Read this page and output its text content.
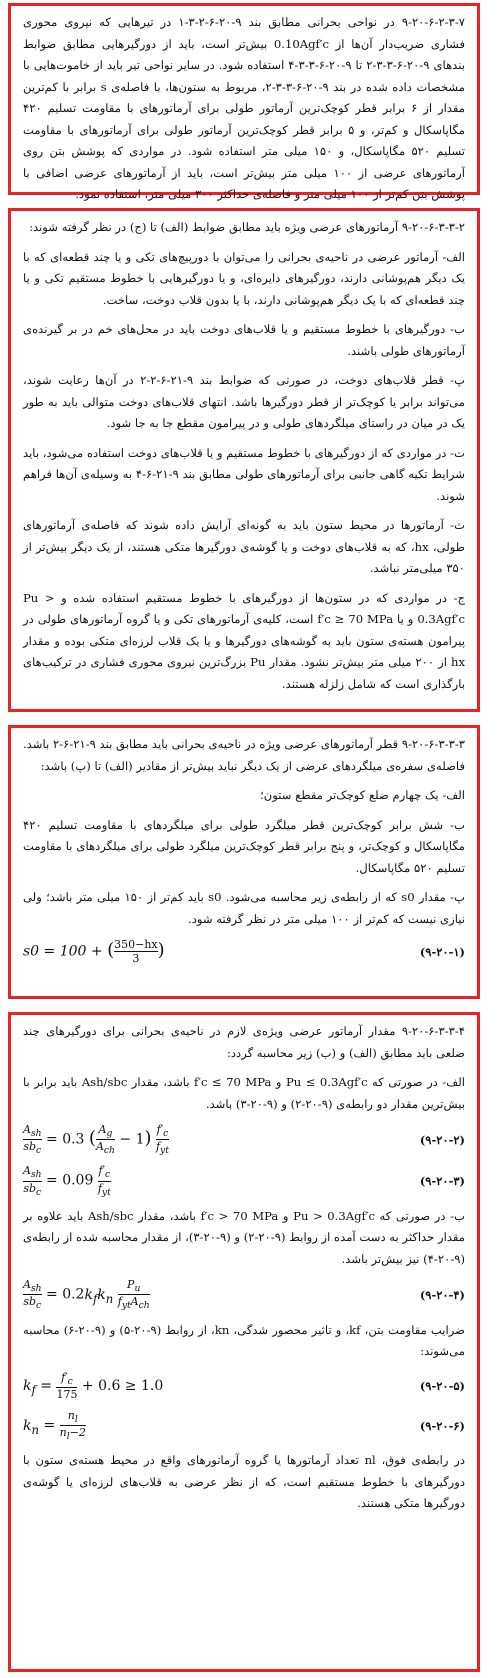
۹-۲۰-۶-۲-۳-۷ در نواحی بحرانی مطابق بند ۹-۲۰-۶-۲-۳-۱ در تیرهایی که نیروی محوری فشاری ضریب‌دار آن‌ها از 0.10Agf′c بیش‌تر است، باید از دورگیرهایی مطابق ضوابط بندهای ۹-۲۰-۶-۳-۳-۲ تا ۹-۲۰-۶-۳-۳-۴ استفاده شود. در سایر نواحی تیر باید از خاموت‌هایی با مشخصات داده شده در بند ۹-۲۰-۶-۳-۳-۲، مربوط به ستون‌ها، با فاصله‌ی s برابر با کم‌ترین مقدار از ۶ برابر قطر کوچک‌ترین آرماتور طولی برای آرماتورهای با مقاومت تسلیم ۴۲۰ مگاپاسکال و کم‌تر، و ۵ برابر قطر کوچک‌ترین آرماتور طولی برای آرماتورهای با مقاومت تسلیم ۵۲۰ مگاپاسکال، و ۱۵۰ میلی متر استفاده شود. در مواردی که پوشش بتن روی آرماتورهای عرضی از ۱۰۰ میلی متر بیش‌تر است، باید از آرماتورهای عرضی اضافی با پوشش بتن کم‌تر از ۱۰۰ میلی متر و فاصله‌ی حداکثر ۳۰۰ میلی متر، استفاده نمود.

۹-۲۰-۶-۳-۳-۲ آرماتورهای عرضی ویژه باید مطابق ضوابط (الف) تا (ج) در نظر گرفته شوند:

الف- آرماتور عرضی در ناحیه‌ی بحرانی را می‌توان با دورپیچ‌های تکی و یا چند قطعه‌ای که با یک دیگر هم‌پوشانی دارند، دورگیرهای دایره‌ای، و یا دورگیرهایی با خطوط مستقیم تکی و یا چند قطعه‌ای که با یک دیگر هم‌پوشانی دارند، با یا بدون قلاب دوخت، ساخت.

ب- دورگیرهای با خطوط مستقیم و یا قلاب‌های دوخت باید در محل‌های خم در بر گیرنده‌ی آرماتورهای طولی باشند.

پ- قطر قلاب‌های دوخت، در صورتی که ضوابط بند ۹-۲۱-۶-۲-۲ در آن‌ها رعایت شوند، می‌تواند برابر یا کوچک‌تر از قطر دورگیرها باشد. انتهای قلاب‌های دوخت متوالی باید به طور یک در میان در راستای میلگردهای طولی و در پیرامون مقطع جا به جا شود.

ت- در مواردی که از دورگیرهای با خطوط مستقیم و یا قلاب‌های دوخت استفاده می‌شود، باید شرایط تکیه گاهی جانبی برای آرماتورهای طولی مطابق بند ۹-۲۱-۶-۴ به وسیله‌ی آن‌ها فراهم شوند.

ث- آرماتورها در محیط ستون باید به گونه‌ای آرایش داده شوند که فاصله‌ی آرماتورهای طولی، hx، که به قلاب‌های دوخت و یا گوشه‌ی دورگیرها متکی هستند، از یک دیگر بیش‌تر از ۳۵۰ میلی‌متر نباشد.

ج- در مواردی که در ستون‌ها از دورگیرهای با خطوط مستقیم استفاده شده و Pu > 0.3Agf′c و یا f′c ≥ 70 MPa است، کلیه‌ی آرماتورهای تکی و یا گروه آرماتورهای طولی در پیرامون هسته‌ی ستون باید به گوشه‌های دورگیرها و یا یک قلاب لرزه‌ای متکی بوده و مقدار hx از ۲۰۰ میلی متر بیش‌تر نشود. مقدار Pu بزرگ‌ترین نیروی محوری فشاری در ترکیب‌های بارگذاری است که شامل زلزله هستند.

۹-۲۰-۶-۳-۳-۳ قطر آرماتورهای عرضی ویژه در ناحیه‌ی بحرانی باید مطابق بند ۹-۲۱-۶-۲ باشد. فاصله‌ی سفره‌ی میلگردهای عرضی از یک دیگر نباید بیش‌تر از مقادیر (الف) تا (پ) باشد:

الف- یک چهارم ضلع کوچک‌تر مقطع ستون؛

ب- شش برابر کوچک‌ترین قطر میلگرد طولی برای میلگردهای با مقاومت تسلیم ۴۲۰ مگاپاسکال و کوچک‌تر، و پنج برابر قطر کوچک‌ترین میلگرد طولی برای میلگردهای با مقاومت تسلیم ۵۲۰ مگاپاسکال.

پ- مقدار s0 که از رابطه‌ی زیر محاسبه می‌شود. s0 باید کم‌تر از ۱۵۰ میلی متر باشد؛ ولی نیازی نیست که کم‌تر از ۱۰۰ میلی متر در نظر گرفته شود.

s0 = 100 + ( $\frac{350-hx}{3}$ )	(۹-۲۰-۱)

۹-۲۰-۶-۳-۳-۴ مقدار آرماتور عرضی ویژه‌ی لازم در ناحیه‌ی بحرانی برای دورگیرهای چند ضلعی باید مطابق (الف) و (ب) زیر محاسبه گردد:

الف- در صورتی که Pu ≤ 0.3Agf′c و f′c ≤ 70 MPa باشد، مقدار Ash/sbc باید برابر با بیش‌ترین مقدار دو رابطه‌ی (۹-۲۰-۲) و (۹-۲۰-۳) باشد.

$A_{sh}$
$sb_c$
= 0.3 ( $A_g$
$A_{ch}$
− 1) $f'_c$
$f_{yt}$
(۹-۲۰-۲)
$A_{sh}$
$sb_c$
= 0.09
$f'_c$
$f_{yt}$
(۹-۲۰-۳)

ب- در صورتی که Pu > 0.3Agf′c و f′c > 70 MPa باشد، مقدار Ash/sbc باید علاوه بر مقدار حداکثر به دست آمده از روابط (۹-۲۰-۲) و (۹-۲۰-۳)، از مقدار محاسبه شده از رابطه‌ی (۹-۲۰-۴) نیز بیش‌تر باشد.

$A_{sh}$
$sb_c$
= $0.2k_fk_n$
$P_u$
$f_{yt}A_{ch}$
(۹-۲۰-۴)

ضرایب مقاومت بتن، kf، و تاثیر محصور شدگی، kn، از روابط (۹-۲۰-۵) و (۹-۲۰-۶) محاسبه می‌شوند:

$k_f = \frac{f'_c}{175} + 0.6 \ge 1.0$	(۹-۲۰-۵)
$k_n = \frac{n_l}{n_l-2}$	(۹-۲۰-۶)

در رابطه‌ی فوق، nl تعداد آرماتورها یا گروه آرماتورهای واقع در محیط هسته‌ی ستون با دورگیرهای با خطوط مستقیم است، که از نظر عرضی به قلاب‌های لرزه‌ای یا گوشه‌ی دورگیرها متکی هستند.
